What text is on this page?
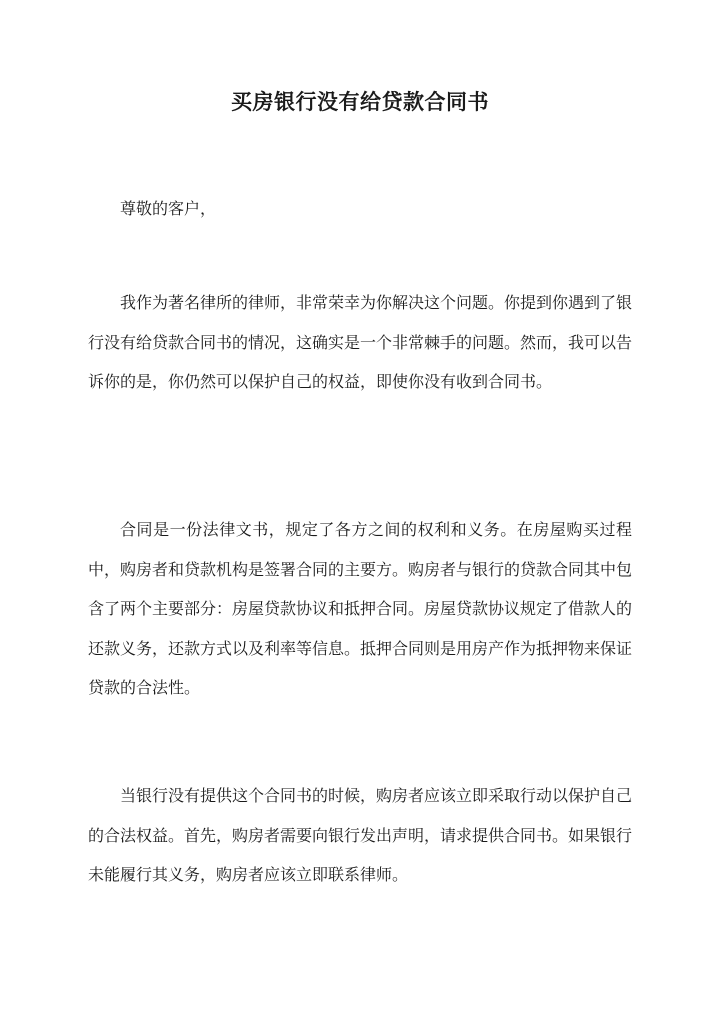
买房银行没有给贷款合同书

尊敬的客户，

我作为著名律所的律师，非常荣幸为你解决这个问题。你提到你遇到了银行没有给贷款合同书的情况，这确实是一个非常棘手的问题。然而，我可以告诉你的是，你仍然可以保护自己的权益，即使你没有收到合同书。

合同是一份法律文书，规定了各方之间的权利和义务。在房屋购买过程中，购房者和贷款机构是签署合同的主要方。购房者与银行的贷款合同其中包含了两个主要部分：房屋贷款协议和抵押合同。房屋贷款协议规定了借款人的还款义务，还款方式以及利率等信息。抵押合同则是用房产作为抵押物来保证贷款的合法性。

当银行没有提供这个合同书的时候，购房者应该立即采取行动以保护自己的合法权益。首先，购房者需要向银行发出声明，请求提供合同书。如果银行未能履行其义务，购房者应该立即联系律师。
